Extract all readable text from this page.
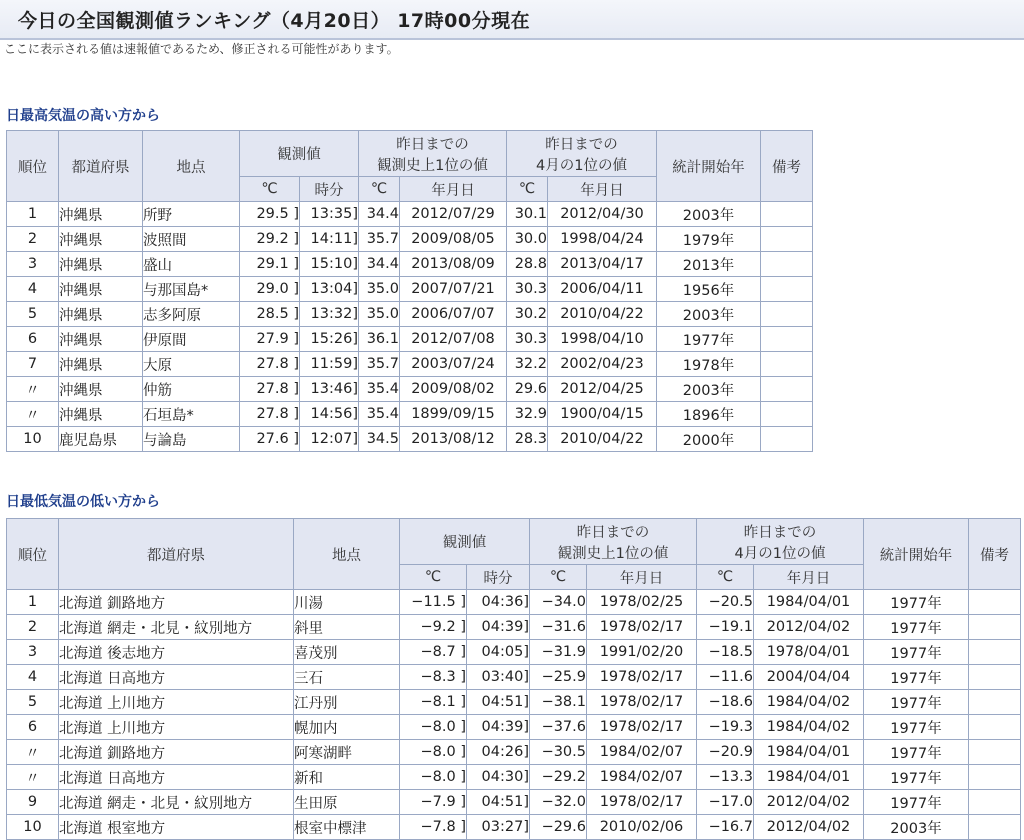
今日の全国観測値ランキング（4月20日） 17時00分現在
ここに表示される値は速報値であるため、修正される可能性があります。
日最高気温の高い方から
順位	都道府県	地点	観測値		昨日までの
観測史上1位の値		昨日までの
4月の1位の値		統計開始年	備考
			℃	時分	℃	年月日	℃	年月日		
1	沖縄県	所野	29.5 ]	13:35]	34.4	2012/07/29	30.1	2012/04/30	2003年	
2	沖縄県	波照間	29.2 ]	14:11]	35.7	2009/08/05	30.0	1998/04/24	1979年	
3	沖縄県	盛山	29.1 ]	15:10]	34.4	2013/08/09	28.8	2013/04/17	2013年	
4	沖縄県	与那国島*	29.0 ]	13:04]	35.0	2007/07/21	30.3	2006/04/11	1956年	
5	沖縄県	志多阿原	28.5 ]	13:32]	35.0	2006/07/07	30.2	2010/04/22	2003年	
6	沖縄県	伊原間	27.9 ]	15:26]	36.1	2012/07/08	30.3	1998/04/10	1977年	
7	沖縄県	大原	27.8 ]	11:59]	35.7	2003/07/24	32.2	2002/04/23	1978年	
〃	沖縄県	仲筋	27.8 ]	13:46]	35.4	2009/08/02	29.6	2012/04/25	2003年	
〃	沖縄県	石垣島*	27.8 ]	14:56]	35.4	1899/09/15	32.9	1900/04/15	1896年	
10	鹿児島県	与論島	27.6 ]	12:07]	34.5	2013/08/12	28.3	2010/04/22	2000年	
日最低気温の低い方から
順位	都道府県	地点	観測値		昨日までの
観測史上1位の値		昨日までの
4月の1位の値		統計開始年	備考
			℃	時分	℃	年月日	℃	年月日		
1	北海道 釧路地方	川湯	−11.5 ]	04:36]	−34.0	1978/02/25	−20.5	1984/04/01	1977年	
2	北海道 網走・北見・紋別地方	斜里	−9.2 ]	04:39]	−31.6	1978/02/17	−19.1	2012/04/02	1977年	
3	北海道 後志地方	喜茂別	−8.7 ]	04:05]	−31.9	1991/02/20	−18.5	1978/04/01	1977年	
4	北海道 日高地方	三石	−8.3 ]	03:40]	−25.9	1978/02/17	−11.6	2004/04/04	1977年	
5	北海道 上川地方	江丹別	−8.1 ]	04:51]	−38.1	1978/02/17	−18.6	1984/04/02	1977年	
6	北海道 上川地方	幌加内	−8.0 ]	04:39]	−37.6	1978/02/17	−19.3	1984/04/02	1977年	
〃	北海道 釧路地方	阿寒湖畔	−8.0 ]	04:26]	−30.5	1984/02/07	−20.9	1984/04/01	1977年	
〃	北海道 日高地方	新和	−8.0 ]	04:30]	−29.2	1984/02/07	−13.3	1984/04/01	1977年	
9	北海道 網走・北見・紋別地方	生田原	−7.9 ]	04:51]	−32.0	1978/02/17	−17.0	2012/04/02	1977年	
10	北海道 根室地方	根室中標津	−7.8 ]	03:27]	−29.6	2010/02/06	−16.7	2012/04/02	2003年	
